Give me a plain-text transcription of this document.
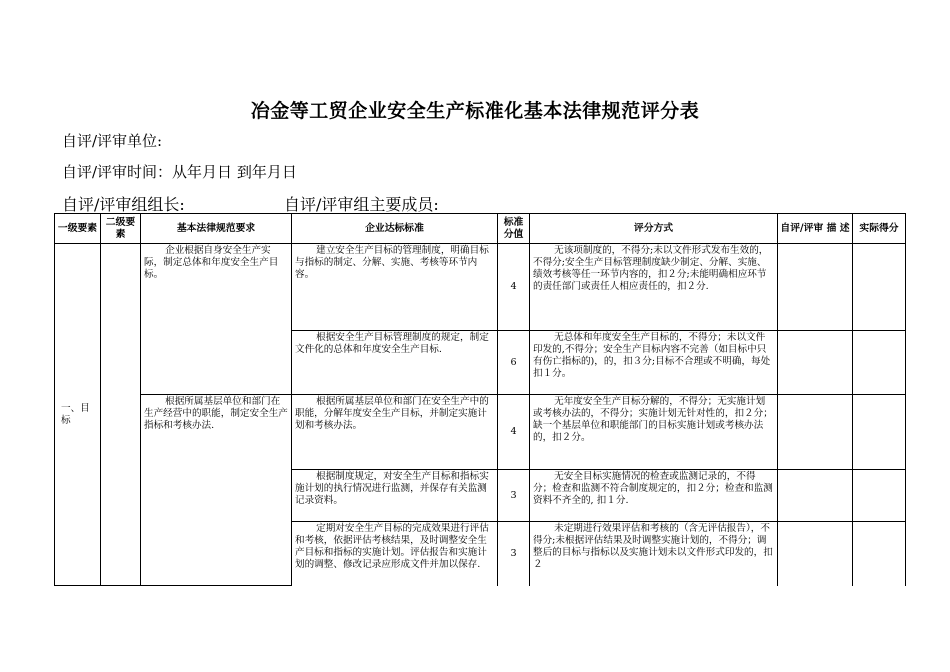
冶金等工贸企业安全生产标准化基本法律规范评分表
自评/评审单位:
自评/评审时间：从年月日 到年月日
自评/评审组组长:	自评/评审组主要成员:
一级要素	二级要素	基本法律规范要求	企业达标标准	标准分值	评分方式	自评/评审 描 述	实际得分
一、目标		企业根据自身安全生产实际，制定总体和年度安全生产目标。	建立安全生产目标的管理制度，明确目标与指标的制定、分解、实施、考核等环节内容。	4	无该项制度的，不得分;未以文件形式发布生效的，不得分;安全生产目标管理制度缺少制定、分解、实施、绩效考核等任一环节内容的，扣２分;未能明确相应环节的责任部门或责任人相应责任的，扣２分.		
			根据安全生产目标管理制度的规定，制定文件化的总体和年度安全生产目标.	6	无总体和年度安全生产目标的，不得分；未以文件印发的,不得分；安全生产目标内容不完善（如目标中只有伤亡指标的)，的，扣３分;目标不合理或不明确，每处扣１分。		
		根据所属基层单位和部门在生产经营中的职能，制定安全生产指标和考核办法.	根据所属基层单位和部门在安全生产中的职能，分解年度安全生产目标，并制定实施计划和考核办法。	4	无年度安全生产目标分解的，不得分；无实施计划或考核办法的，不得分；实施计划无针对性的，扣２分；缺一个基层单位和职能部门的目标实施计划或考核办法的，扣２分。		
			根据制度规定，对安全生产目标和指标实施计划的执行情况进行监测，并保存有关监测记录资料。	3	无安全目标实施情况的检查或监测记录的，不得分；检查和监测不符合制度规定的，扣２分；检查和监测资料不齐全的, 扣１分.		
			定期对安全生产目标的完成效果进行评估和考核，依据评估考核结果，及时调整安全生产目标和指标的实施计划。评估报告和实施计划的调整、修改记录应形成文件并加以保存.	3	未定期进行效果评估和考核的（含无评估报告），不得分;未根据评估结果及时调整实施计划的，不得分；调整后的目标与指标以及实施计划未以文件形式印发的，扣２		
